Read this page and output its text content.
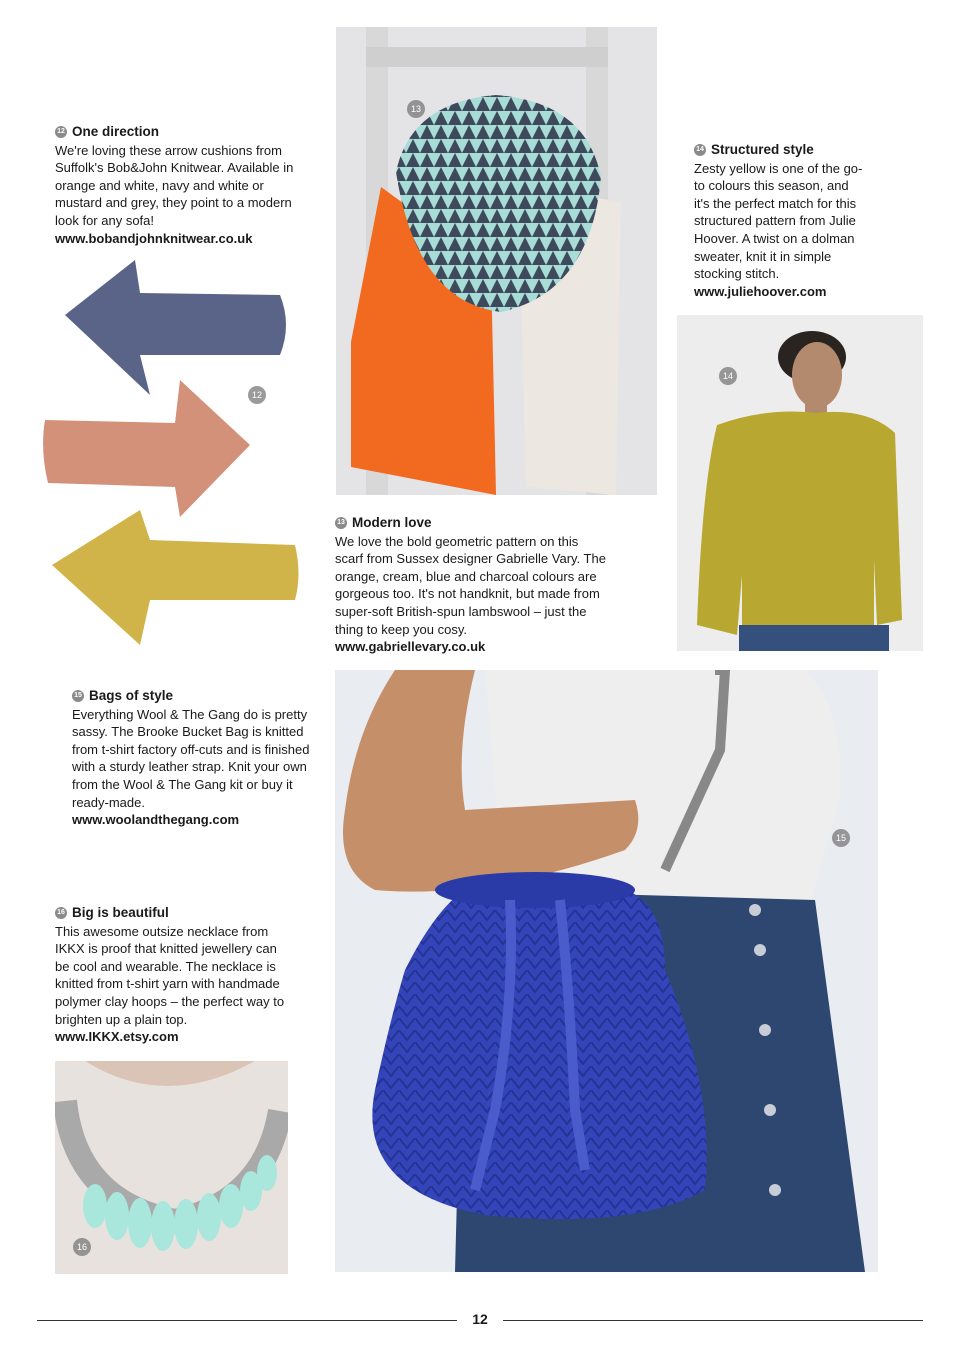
12 One direction
We're loving these arrow cushions from Suffolk's Bob&John Knitwear. Available in orange and white, navy and white or mustard and grey, they point to a modern look for any sofa!
www.bobandjohnknitwear.co.uk
12
13
14 Structured style
Zesty yellow is one of the go-to colours this season, and it's the perfect match for this structured pattern from Julie Hoover. A twist on a dolman sweater, knit it in simple stocking stitch.
www.juliehoover.com
14
13 Modern love
We love the bold geometric pattern on this scarf from Sussex designer Gabrielle Vary. The orange, cream, blue and charcoal colours are gorgeous too. It's not handknit, but made from super-soft British-spun lambswool – just the thing to keep you cosy.
www.gabriellevary.co.uk
15 Bags of style
Everything Wool & The Gang do is pretty sassy. The Brooke Bucket Bag is knitted from t-shirt factory off-cuts and is finished with a sturdy leather strap. Knit your own from the Wool & The Gang kit or buy it ready-made.
www.woolandthegang.com
15
16 Big is beautiful
This awesome outsize necklace from IKKX is proof that knitted jewellery can be cool and wearable. The necklace is knitted from t-shirt yarn with handmade polymer clay hoops – the perfect way to brighten up a plain top.
www.IKKX.etsy.com
16
12
